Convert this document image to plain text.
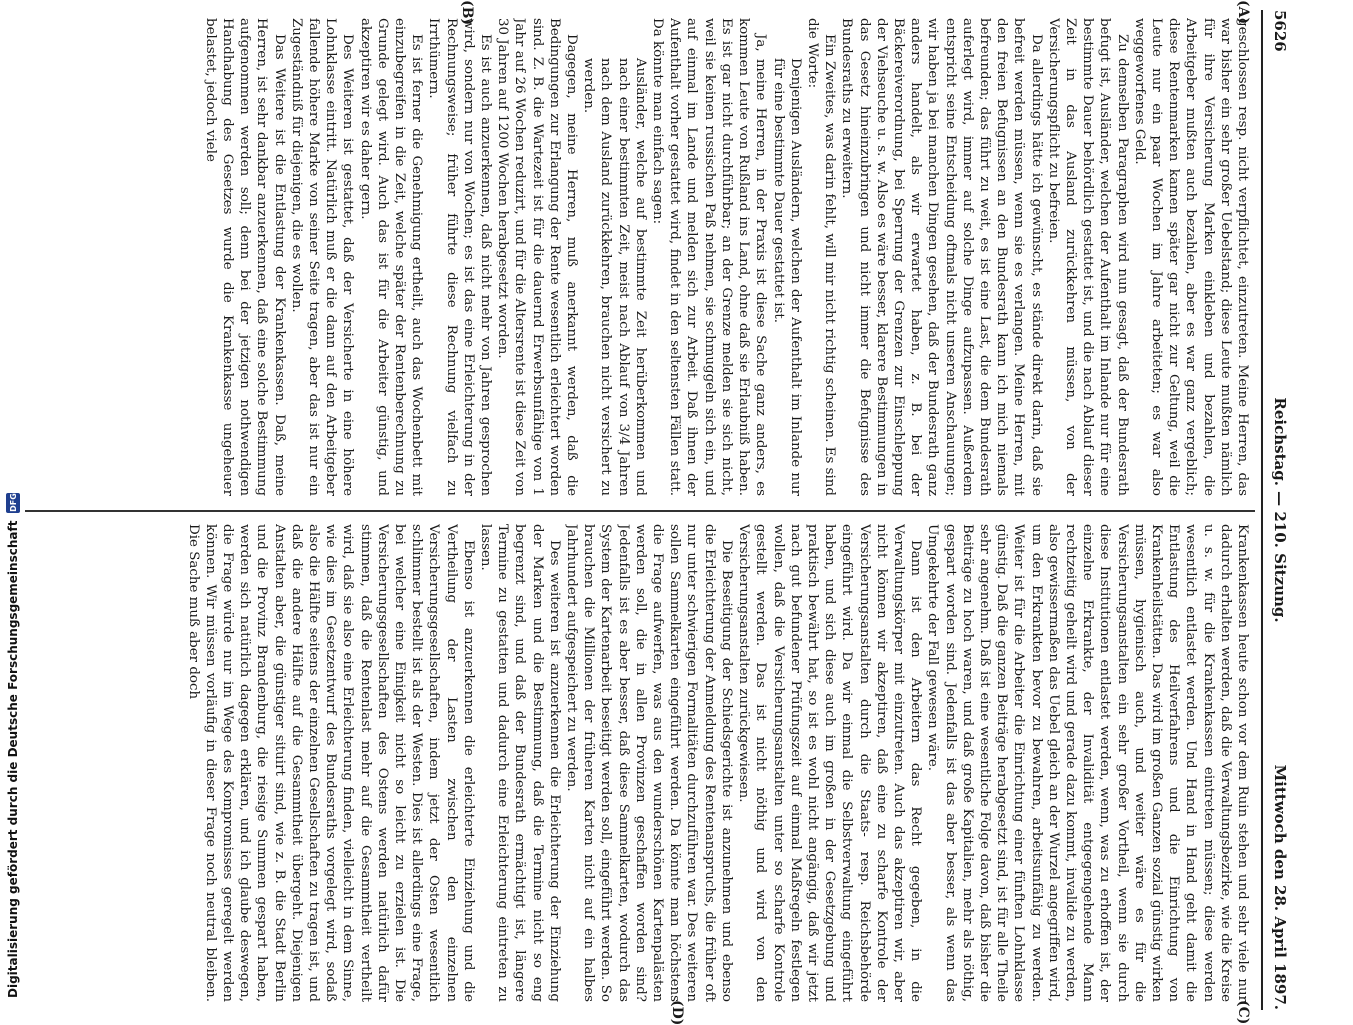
5626
Reichstag. — 210. Sitzung.
Mittwoch den 28. April 1897.
(A)
(B)
(C)
(D)

geschlossen resp. nicht verpflichtet, einzutreten. Meine Herren, das war bisher ein sehr großer Uebelstand; diese Leute mußten nämlich für ihre Versicherung Marken einkleben und bezahlen, die Arbeitgeber mußten auch bezahlen, aber es war ganz vergeblich; diese Rentenmarken kamen später gar nicht zur Geltung, weil die Leute nur ein paar Wochen im Jahre arbeiteten; es war also weggeworfenes Geld.

Zu demselben Paragraphen wird nun gesagt, daß der Bundesrath befugt ist, Ausländer, welchen der Aufenthalt im Inlande nur für eine bestimmte Dauer behördlich gestattet ist, und die nach Ablauf dieser Zeit in das Ausland zurückkehren müssen, von der Versicherungspflicht zu befreien.

Da allerdings hätte ich gewünscht, es stände direkt darin, daß sie befreit werden müssen, wenn sie es verlangen. Meine Herren, mit den freien Befugnissen an den Bundesrath kann ich mich niemals befreunden; das führt zu weit, es ist eine Last, die dem Bundesrath auferlegt wird, immer auf solche Dinge aufzupassen. Außerdem entspricht seine Entscheidung oftmals nicht unseren Anschauungen; wir haben ja bei manchen Dingen gesehen, daß der Bundesrath ganz anders handelt, als wir erwartet haben, z. B. bei der Bäckereiverordnung, bei Sperrung der Grenzen zur Einschleppung der Viehseuche u. s. w. Also es wäre besser, klarere Bestimmungen in das Gesetz hineinzubringen und nicht immer die Befugnisse des Bundesraths zu erweitern.

Ein Zweites, was darin fehlt, will mir nicht richtig scheinen. Es sind die Worte:

Denjenigen Ausländern, welchen der Aufenthalt im Inlande nur für eine bestimmte Dauer gestattet ist.

Ja, meine Herren, in der Praxis ist diese Sache ganz anders, es kommen Leute von Rußland ins Land, ohne daß sie Erlaubniß haben. Es ist gar nicht durchführbar; an der Grenze melden sie sich nicht, weil sie keinen russischen Paß nehmen, sie schmuggeln sich ein, und auf einmal im Lande und melden sich zur Arbeit. Daß ihnen der Aufenthalt vorher gestattet wird, findet in den seltensten Fällen statt. Da könnte man einfach sagen:

Ausländer, welche auf bestimmte Zeit herüberkommen und nach einer bestimmten Zeit, meist nach Ablauf von 3/4 Jahren nach dem Ausland zurückkehren, brauchen nicht versichert zu werden.

Dagegen, meine Herren, muß anerkannt werden, daß die Bedingungen zur Erlangung der Rente wesentlich erleichtert worden sind. Z. B. die Wartezeit ist für die dauernd Erwerbsunfähige von 1 Jahr auf 26 Wochen reduzirt, und für die Altersrente ist diese Zeit von 30 Jahren auf 1200 Wochen herabgesetzt worden.

Es ist auch anzuerkennen, daß nicht mehr von Jahren gesprochen wird, sondern nur von Wochen; es ist das eine Erleichterung in der Rechnungsweise; früher führte diese Rechnung vielfach zu Irrthümern.

Es ist ferner die Genehmigung ertheilt, auch das Wochenbett mit einzubegreifen in die Zeit, welche später der Rentenberechnung zu Grunde gelegt wird. Auch das ist für die Arbeiter günstig, und akzeptiren wir es daher gern.

Des Weiteren ist gestattet, daß der Versicherte in eine höhere Lohnklasse eintritt. Natürlich muß er die dann auf den Arbeitgeber fallende höhere Marke von seiner Seite tragen, aber das ist nur ein Zugeständniß für diejenigen, die es wollen.

Das Weitere ist die Entlastung der Krankenkassen. Daß, meine Herren, ist sehr dankbar anzuerkennen, daß eine solche Bestimmung aufgenommen werden soll; denn bei der jetzigen nothwendigen Handhabung des Gesetzes wurde die Krankenkasse ungeheuer belastet, jedoch viele

Krankenkassen heute schon vor dem Ruin stehen und sehr viele nur dadurch erhalten werden, daß die Verwaltungsbezirke, wie die Kreise u. s. w. für die Krankenkassen eintreten müssen; diese werden wesentlich entlastet werden. Und Hand in Hand geht damit die Entlastung des Heilverfahrens und die Einrichtung von Krankenheilstätten. Das wird im großen Ganzen sozial günstig wirken müssen, hygienisch auch, und weiter wäre es für die Versicherungsanstalten ein sehr großer Vortheil, wenn sie durch diese Institutionen entlastet werden, wenn, was zu erhoffen ist, der einzelne Erkrankte, der Invalidität entgegengehende Mann rechtzeitig geheilt wird und gerade dazu kommt, invalide zu werden, also gewissermaßen das Uebel gleich an der Wurzel angegriffen wird, um den Erkrankten bevor zu bewahren, arbeitsunfähig zu werden. Weiter ist für die Arbeiter die Einrichtung einer fünften Lohnklasse günstig. Daß die ganzen Beiträge herabgesetzt sind, ist für alle Theile sehr angenehm. Daß ist eine wesentliche Folge davon, daß bisher die Beiträge zu hoch waren, und daß große Kapitalien, mehr als nöthig, gespart worden sind. Jedenfalls ist das aber besser, als wenn das Umgekehrte der Fall gewesen wäre.

Dann ist den Arbeitern das Recht gegeben, in die Verwaltungskörper mit einzutreten. Auch das akzeptiren wir, aber nicht können wir akzeptiren, daß eine zu scharfe Kontrole der Versicherungsanstalten durch die Staats- resp. Reichsbehörde eingeführt wird. Da wir einmal die Selbstverwaltung eingeführt haben, und sich diese auch im großen in der Gesetzgebung und praktisch bewährt hat, so ist es wohl nicht angängig, daß wir jetzt nach gut befundener Prüfungszeit auf einmal Maßregeln festlegen wollen, daß die Versicherungsanstalten unter so scharfe Kontrole gestellt werden. Das ist nicht nöthig und wird von den Versicherungsanstalten zurückgewiesen.

Die Beseitigung der Schiedsgerichte ist anzunehmen und ebenso die Erleichterung der Anmeldung des Rentenanspruchs, die früher oft nur unter schwierigen Formalitäten durchzuführen war. Des weiteren sollen Sammelkarten eingeführt werden. Da könnte man höchstens die Frage aufwerfen, was aus den wunderschönen Kartenpalästen werden soll, die in allen Provinzen geschaffen worden sind? Jedenfalls ist es aber besser, daß diese Sammelkarten, wodurch das System der Kartenarbeit beseitigt werden soll, eingeführt werden. So brauchen die Millionen der früheren Karten nicht auf ein halbes Jahrhundert aufgespeichert zu werden.

Des weiteren ist anzuerkennen die Erleichterung der Einziehung der Marken und die Bestimmung, daß die Termine nicht so eng begrenzt sind, und daß der Bundesrath ermächtigt ist, längere Termine zu gestatten und dadurch eine Erleichterung eintreten zu lassen.

Ebenso ist anzuerkennen die erleichterte Einziehung und die Vertheilung der Lasten zwischen den einzelnen Versicherungsgesellschaften, indem jetzt der Osten wesentlich schlimmer bestellt ist als der Westen. Dies ist allerdings eine Frage, bei welcher eine Einigkeit nicht so leicht zu erzielen ist. Die Versicherungsgesellschaften des Ostens werden natürlich dafür stimmen, daß die Rentenlast mehr auf die Gesammtheit vertheilt wird, daß sie also eine Erleichterung finden, vielleicht in dem Sinne, wie dies im Gesetzentwurf des Bundesraths vorgelegt wird, sodaß also die Hälfte seitens der einzelnen Gesellschaften zu tragen ist, und daß die andere Hälfte auf die Gesammtheit übergeht. Diejenigen Anstalten aber, die günstiger situirt sind, wie z. B. die Stadt Berlin und die Provinz Brandenburg, die riesige Summen gespart haben, werden sich natürlich dagegen erklären, und ich glaube deswegen, die Frage würde nur im Wege des Kompromisses geregelt werden können. Wir müssen vorläufig in dieser Frage noch neutral bleiben. Die Sache muß aber doch

Digitalisierung gefördert durch die Deutsche Forschungsgemeinschaft
DFG
